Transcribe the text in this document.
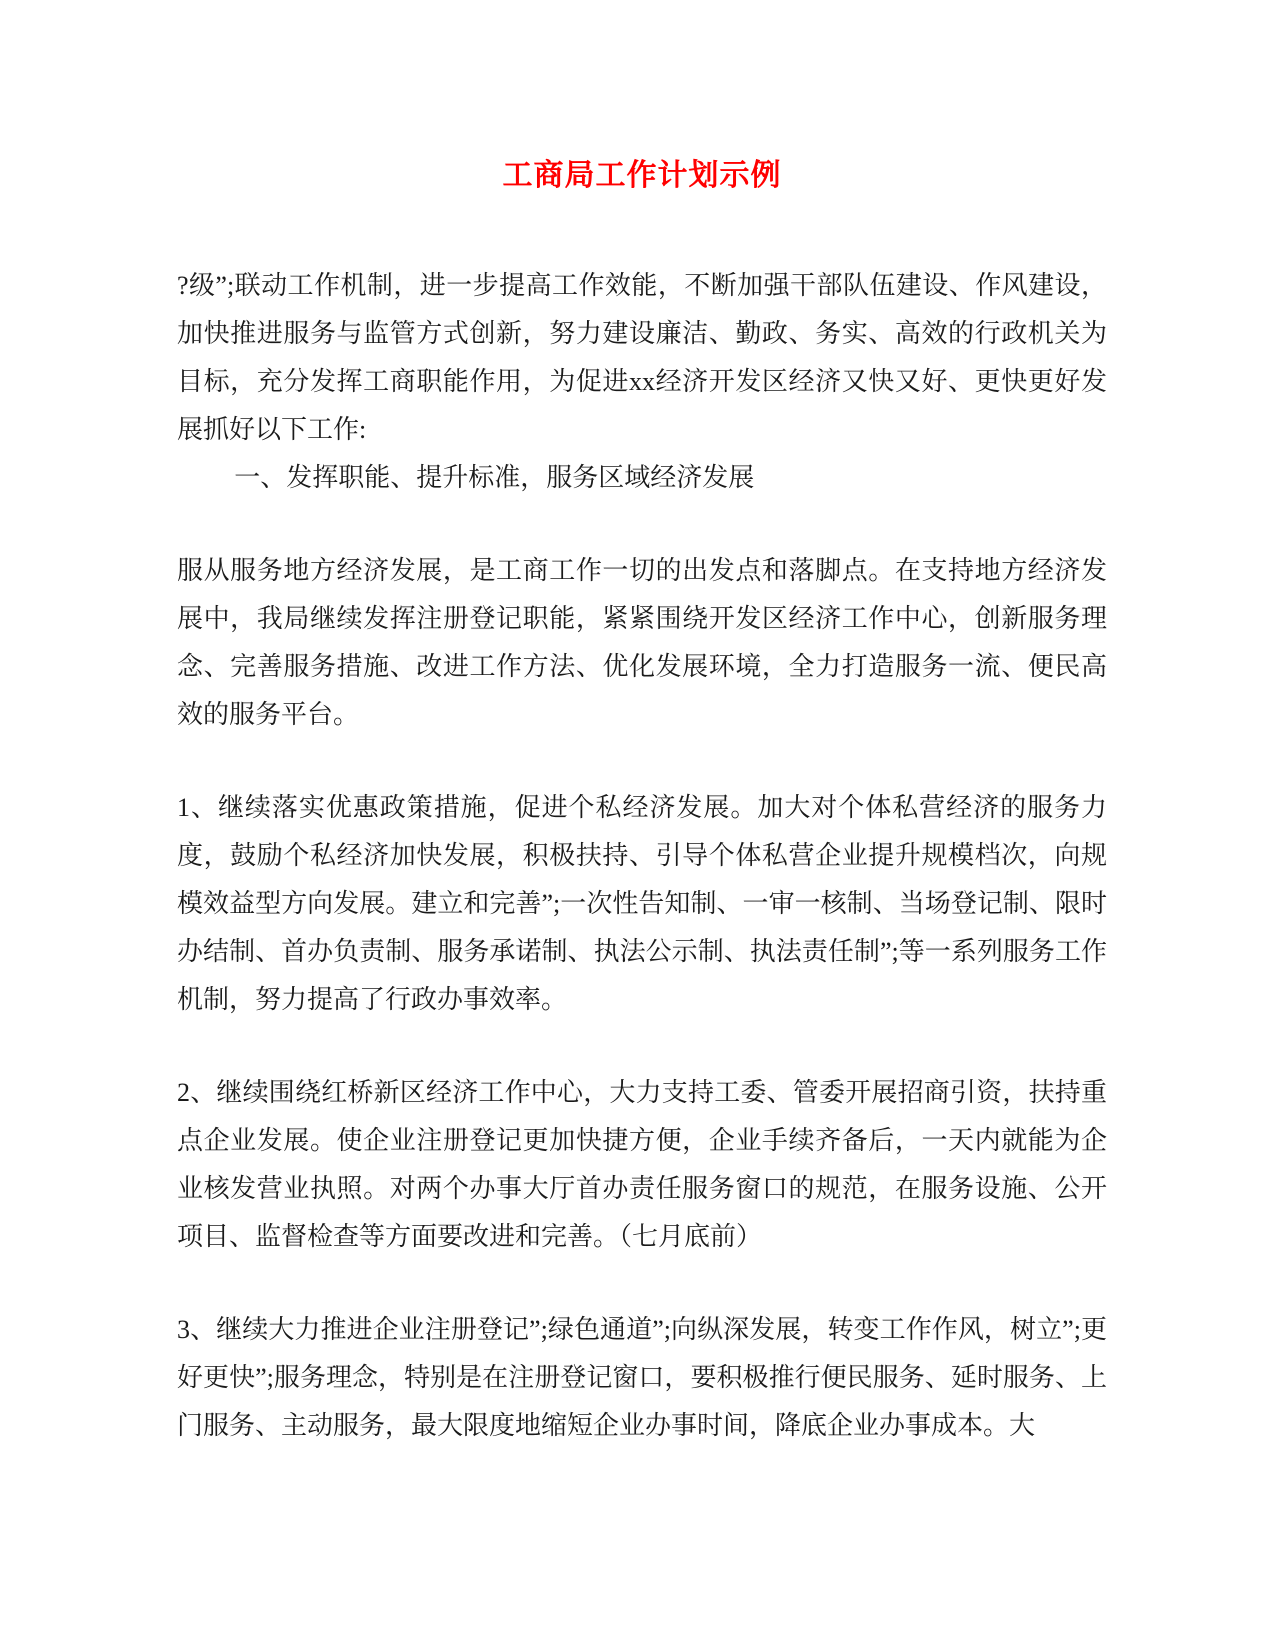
工商局工作计划示例

?级”;联动工作机制，进一步提高工作效能，不断加强干部队伍建设、作风建设，加快推进服务与监管方式创新，努力建设廉洁、勤政、务实、高效的行政机关为目标，充分发挥工商职能作用，为促进xx经济开发区经济又快又好、更快更好发展抓好以下工作:

一、发挥职能、提升标准，服务区域经济发展

服从服务地方经济发展，是工商工作一切的出发点和落脚点。在支持地方经济发展中，我局继续发挥注册登记职能，紧紧围绕开发区经济工作中心，创新服务理念、完善服务措施、改进工作方法、优化发展环境，全力打造服务一流、便民高效的服务平台。

1、继续落实优惠政策措施，促进个私经济发展。加大对个体私营经济的服务力度，鼓励个私经济加快发展，积极扶持、引导个体私营企业提升规模档次，向规模效益型方向发展。建立和完善”;一次性告知制、一审一核制、当场登记制、限时办结制、首办负责制、服务承诺制、执法公示制、执法责任制”;等一系列服务工作机制，努力提高了行政办事效率。

2、继续围绕红桥新区经济工作中心，大力支持工委、管委开展招商引资，扶持重点企业发展。使企业注册登记更加快捷方便，企业手续齐备后，一天内就能为企业核发营业执照。对两个办事大厅首办责任服务窗口的规范，在服务设施、公开项目、监督检查等方面要改进和完善。（七月底前）

3、继续大力推进企业注册登记”;绿色通道”;向纵深发展，转变工作作风，树立”;更好更快”;服务理念，特别是在注册登记窗口，要积极推行便民服务、延时服务、上门服务、主动服务，最大限度地缩短企业办事时间，降底企业办事成本。大
